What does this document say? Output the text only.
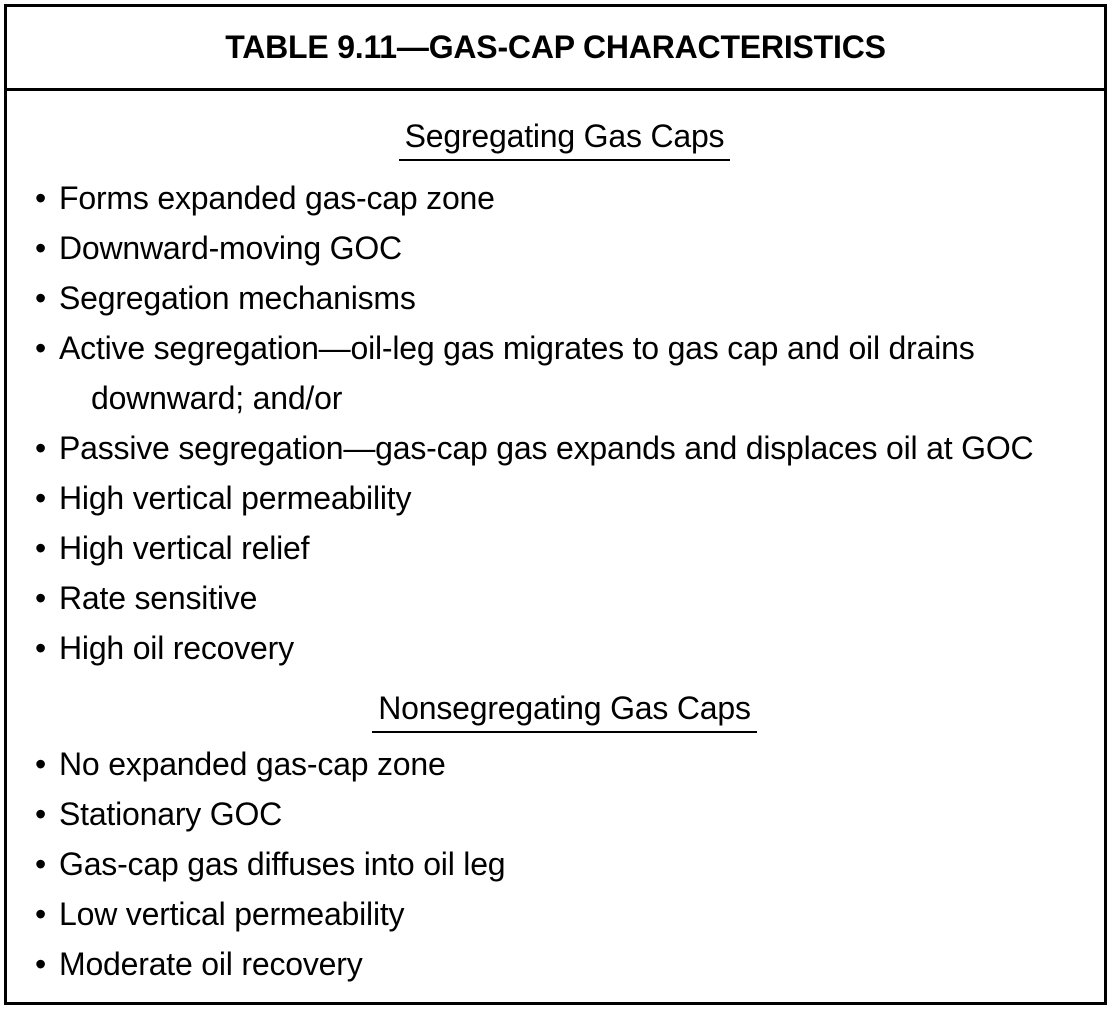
TABLE 9.11—GAS-CAP CHARACTERISTICS
Segregating Gas Caps
• Forms expanded gas-cap zone
• Downward-moving GOC
• Segregation mechanisms
• Active segregation—oil-leg gas migrates to gas cap and oil drains
downward; and/or
• Passive segregation—gas-cap gas expands and displaces oil at GOC
• High vertical permeability
• High vertical relief
• Rate sensitive
• High oil recovery
Nonsegregating Gas Caps
• No expanded gas-cap zone
• Stationary GOC
• Gas-cap gas diffuses into oil leg
• Low vertical permeability
• Moderate oil recovery
